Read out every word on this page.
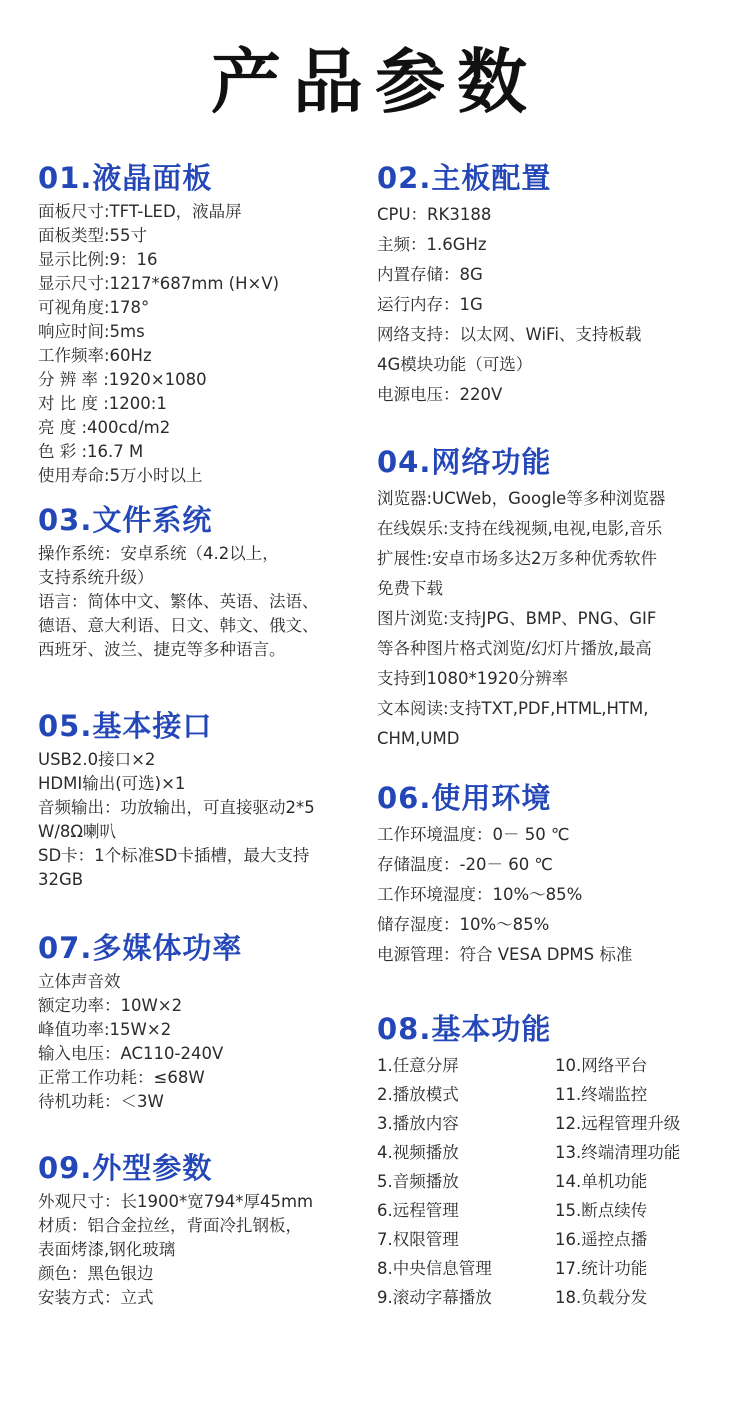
产品参数
01.液晶面板
面板尺寸:TFT-LED，液晶屏
面板类型:55寸
显示比例:9：16
显示尺寸:1217*687mm (H×V)
可视角度:178°
响应时间:5ms
工作频率:60Hz
分 辨 率 :1920×1080
对 比 度 :1200:1
亮 度 :400cd/m2
色 彩 :16.7 M
使用寿命:5万小时以上
03.文件系统
操作系统：安卓系统（4.2以上，
支持系统升级）
语言：简体中文、繁体、英语、法语、
德语、意大利语、日文、韩文、俄文、
西班牙、波兰、捷克等多种语言。
05.基本接口
USB2.0接口×2
HDMI输出(可选)×1
音频输出：功放输出，可直接驱动2*5
W/8Ω喇叭
SD卡：1个标准SD卡插槽，最大支持
32GB
07.多媒体功率
立体声音效
额定功率：10W×2
峰值功率:15W×2
输入电压：AC110-240V
正常工作功耗：≤68W
待机功耗：＜3W
09.外型参数
外观尺寸：长1900*宽794*厚45mm
材质：铝合金拉丝，背面冷扎钢板，
表面烤漆,钢化玻璃
颜色：黑色银边
安装方式：立式
02.主板配置
CPU：RK3188
主频：1.6GHz
内置存储：8G
运行内存：1G
网络支持：以太网、WiFi、支持板载
4G模块功能（可选）
电源电压：220V
04.网络功能
浏览器:UCWeb，Google等多种浏览器
在线娱乐:支持在线视频,电视,电影,音乐
扩展性:安卓市场多达2万多种优秀软件
免费下载
图片浏览:支持JPG、BMP、PNG、GIF
等各种图片格式浏览/幻灯片播放,最高
支持到1080*1920分辨率
文本阅读:支持TXT,PDF,HTML,HTM,
CHM,UMD
06.使用环境
工作环境温度：0－ 50 ℃
存储温度：-20－ 60 ℃
工作环境湿度：10%～85%
储存湿度：10%～85%
电源管理：符合 VESA DPMS 标准
08.基本功能
1.任意分屏	10.网络平台
2.播放模式	11.终端监控
3.播放内容	12.远程管理升级
4.视频播放	13.终端清理功能
5.音频播放	14.单机功能
6.远程管理	15.断点续传
7.权限管理	16.遥控点播
8.中央信息管理	17.统计功能
9.滚动字幕播放	18.负载分发
